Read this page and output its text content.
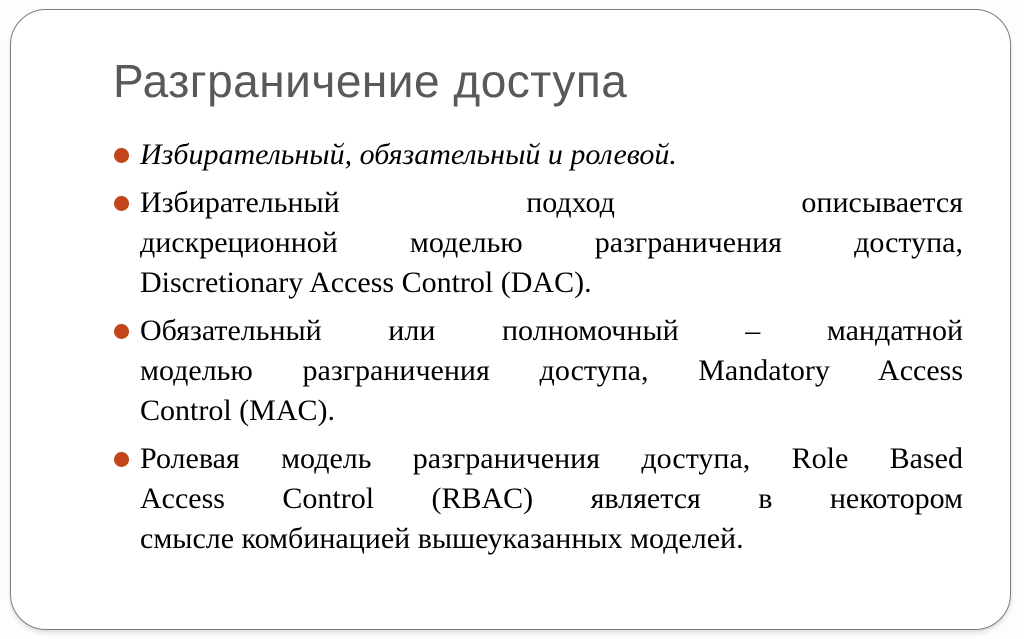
Разграничение доступа
Избирательный, обязательный и ролевой.
Избирательный подход описывается
дискреционной моделью разграничения доступа,
Discretionary Access Control (DAC).
Обязательный или полномочный – мандатной
моделью разграничения доступа, Mandatory Access
Control (MAC).
Ролевая модель разграничения доступа, Role Based
Access Control (RBAC) является в некотором
смысле комбинацией вышеуказанных моделей.
